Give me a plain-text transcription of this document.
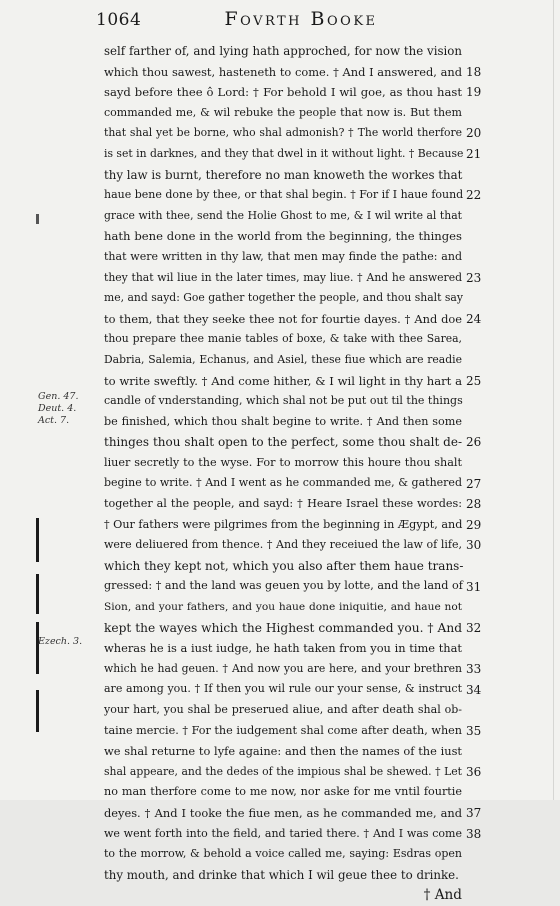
1064	Fovrth Booke
self farther of, and lying hath approched, for now the vision
which thou sawest, hasteneth to come. † And I answered, and
sayd before thee ô Lord: † For behold I wil goe, as thou hast
commanded me, & wil rebuke the people that now is. But them
that shal yet be borne, who shal admonish? † The world therfore
is set in darknes, and they that dwel in it without light. † Because
thy law is burnt, therefore no man knoweth the workes that
haue bene done by thee, or that shal begin. † For if I haue found
grace with thee, send the Holie Ghost to me, & I wil write al that
hath bene done in the world from the beginning, the thinges
that were written in thy law, that men may finde the pathe: and
they that wil liue in the later times, may liue. † And he answered
me, and sayd: Goe gather together the people, and thou shalt say
to them, that they seeke thee not for fourtie dayes. † And doe
thou prepare thee manie tables of boxe, & take with thee Sarea,
Dabria, Salemia, Echanus, and Asiel, these fiue which are readie
to write sweftly. † And come hither, & I wil light in thy hart a
candle of vnderstanding, which shal not be put out til the things
be finished, which thou shalt begine to write. † And then some
thinges thou shalt open to the perfect, some thou shalt de-
liuer secretly to the wyse. For to morrow this houre thou shalt
begine to write. † And I went as he commanded me, & gathered
together al the people, and sayd: † Heare Israel these wordes:
† Our fathers were pilgrimes from the beginning in Ægypt, and
were deliuered from thence. † And they receiued the law of life,
which they kept not, which you also after them haue trans-
gressed: † and the land was geuen you by lotte, and the land of
Sion, and your fathers, and you haue done iniquitie, and haue not
kept the wayes which the Highest commanded you. † And
wheras he is a iust iudge, he hath taken from you in time that
which he had geuen. † And now you are here, and your brethren
are among you. † If then you wil rule our your sense, & instruct
your hart, you shal be preserued aliue, and after death shal ob-
taine mercie. † For the iudgement shal come after death, when
we shal returne to lyfe againe: and then the names of the iust
shal appeare, and the dedes of the impious shal be shewed. † Let
no man therfore come to me now, nor aske for me vntil fourtie
deyes. † And I tooke the fiue men, as he commanded me, and
we went forth into the field, and taried there. † And I was come
to the morrow, & behold a voice called me, saying: Esdras open
thy mouth, and drinke that which I wil geue thee to drinke.
† And
18
19
20
21
22
23
24
25
26
27
28
29
30
31
32
33
34
35
36
37
38
Gen. 47.
Deut. 4.
Act. 7.
Ezech. 3.
